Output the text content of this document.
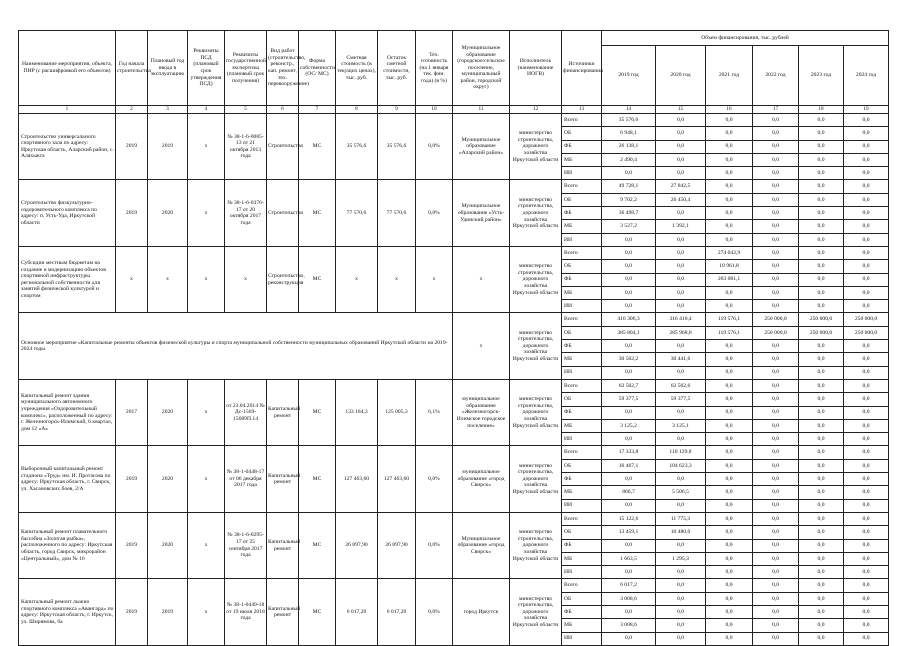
Наименование мероприятия, объекта, ПИР (с расшифровкой его объектов)	Год начала строительства	Плановый год ввода в эксплуатацию	Реквизиты ПСД (плановый срок утверждения ПСД)	Реквизиты государственной экспертизы (плановый срок получения)	Вид работ (строительство, реконстр., кап. ремонт, тех. перевооружение)	Форма собственности (ОС/ МС)	Сметная стоимость (в текущих ценах), тыс. руб.	Остаток сметной стоимости, тыс. руб.	Тех. готовность (на 1 января тек. фин. года) (в %)	Муниципальное образование (городское/сельское поселение, муниципальный район, городской округ)	Исполнитель (наименование ИОГВ)	Источники финансирования	Объем финансирования, тыс. рублей					
													2019 год	2020 год	2021 год	2022 год	2023 год	2024 год
1	2	3	4	5	6	7	8	9	10	11	12	13	14	15	16	17	18	19
Строительство универсального спортивного зала по адресу: Иркутская область, Аларский район, с. Аляхыкта	2019	2019	х	№ 38-1-6-0085-13 от 21 октября 2013 года	Строительство	МС	35 576,6	35 576,6	0,0%	Муниципальное образование «Аларский район»	министерство строительства, дорожного хозяйства Иркутской области	Всего	35 576,6	0,0	0,0	0,0	0,0	0,0
												ОБ	6 948,1	0,0	0,0	0,0	0,0	0,0
												ФБ	26 138,1	0,0	0,0	0,0	0,0	0,0
												МБ	2 490,4	0,0	0,0	0,0	0,0	0,0
												ИИ	0,0	0,0	0,0	0,0	0,0	0,0
Строительство физкультурно-оздоровительного комплекса по адресу: п. Усть-Уда, Иркутской области	2019	2020	х	№ 38-1-6-0376-17 от 20 октября 2017 года	Строительство	МС	77 570,6	77 570,6	0,0%	Муниципальное образование «Усть-Удинский район»	министерство строительства, дорожного хозяйства Иркутской области	Всего	49 728,1	27 842,5	0,0	0,0	0,0	0,0
												ОБ	9 702,2	26 450,4	0,0	0,0	0,0	0,0
												ФБ	36 498,7	0,0	0,0	0,0	0,0	0,0
												МБ	3 527,2	1 392,1	0,0	0,0	0,0	0,0
												ИИ	0,0	0,0	0,0	0,0	0,0	0,0
Субсидии местным бюджетам на создание и модернизацию объектов спортивной инфраструктуры региональной собственности для занятий физической культурой и спортом	х	х	х	х	Строительство, реконструкция	МС	х	х	х	х	министерство строительства, дорожного хозяйства Иркутской области	Всего	0,0	0,0	274 042,9	0,0	0,0	0,0
												ОБ	0,0	0,0	10 961,8	0,0	0,0	0,0
												ФБ	0,0	0,0	263 081,1	0,0	0,0	0,0
												МБ	0,0	0,0	0,0	0,0	0,0	0,0
												ИИ	0,0	0,0	0,0	0,0	0,0	0,0
Основное мероприятие «Капитальные ремонты объектов физической культуры и спорта муниципальной собственности муниципальных образований Иркутской области на 2019-2024 годы										х	министерство строительства, дорожного хозяйства Иркутской области	Всего	416 306,3	316 410,4	119 576,1	250 000,0	250 000,0	250 000,0
												ОБ	385 804,1	285 968,8	119 576,1	250 000,0	250 000,0	250 000,0
												ФБ	0,0	0,0	0,0	0,0	0,0	0,0
												МБ	30 502,2	30 441,6	0,0	0,0	0,0	0,0
												ИИ	0,0	0,0	0,0	0,0	0,0	0,0
Капитальный ремонт здания муниципального автономного учреждения «Оздоровительный комплекс», расположенный по адресу: г. Железногорск-Илимский, 6 квартал, дом 12 «А»	2017	2020	х	от 23.04.2014 № Дс-1569-15689П.14	Капитальный ремонт	МС	133 184,3	125 005,3	6,1%	муниципальное образование «Железногорск-Илимское городское поселение»	министерство строительства, дорожного хозяйства Иркутской области	Всего	62 502,7	62 502,6	0,0	0,0	0,0	0,0
												ОБ	59 377,5	59 377,5	0,0	0,0	0,0	0,0
												ФБ	0,0	0,0	0,0	0,0	0,0	0,0
												МБ	3 125,2	3 125,1	0,0	0,0	0,0	0,0
												ИИ	0,0	0,0	0,0	0,0	0,0	0,0
Выборочный капитальный ремонт стадиона «Труд» им. И. Протасова по адресу: Иркутская область, г. Свирск, ул. Хасановских боев, 2/А	2019	2020	х	№ 38-1-0448-17 от 06 декабря 2017 года	Капитальный ремонт	МС	127 463,60	127 463,60	0,0%	муниципальное образование «город Свирск»	министерство строительства, дорожного хозяйства Иркутской области	Всего	17 333,8	110 129,8	0,0	0,0	0,0	0,0
												ОБ	16 467,1	104 623,3	0,0	0,0	0,0	0,0
												ФБ	0,0	0,0	0,0	0,0	0,0	0,0
												МБ	866,7	5 506,5	0,0	0,0	0,0	0,0
												ИИ	0,0	0,0	0,0	0,0	0,0	0,0
Капитальный ремонт плавательного бассейна «Золотая рыбка», расположенного по адресу: Иркутская область, город Свирск, микрорайон «Центральный», дом № 16	2019	2020	х	№ 38-1-6-0295-17 от 25 сентября 2017 года	Капитальный ремонт	МС	26 897,90	26 897,90	0,0%	Муниципальное образование «город Свирск»	министерство строительства, дорожного хозяйства Иркутской области	Всего	15 122,6	11 775,3	0,0	0,0	0,0	0,0
												ОБ	13 459,1	10 480,0	0,0	0,0	0,0	0,0
												ФБ	0,0	0,0	0,0	0,0	0,0	0,0
												МБ	1 663,5	1 295,3	0,0	0,0	0,0	0,0
												ИИ	0,0	0,0	0,0	0,0	0,0	0,0
Капитальный ремонт лыжно спортивного комплекса «Авангард» по адресу: Иркутская область, г. Иркутск, ул. Ширямова, 6а	2019	2019	х	№ 38-1-0449-18 от 19 июля 2018 года	Капитальный ремонт	МС	6 017,20	6 017,20	0,0%	город Иркутск	министерство строительства, дорожного хозяйства Иркутской области	Всего	6 017,2	0,0	0,0	0,0	0,0	0,0
												ОБ	3 008,6	0,0	0,0	0,0	0,0	0,0
												ФБ	0,0	0,0	0,0	0,0	0,0	0,0
												МБ	3 008,6	0,0	0,0	0,0	0,0	0,0
												ИИ	0,0	0,0	0,0	0,0	0,0	0,0
